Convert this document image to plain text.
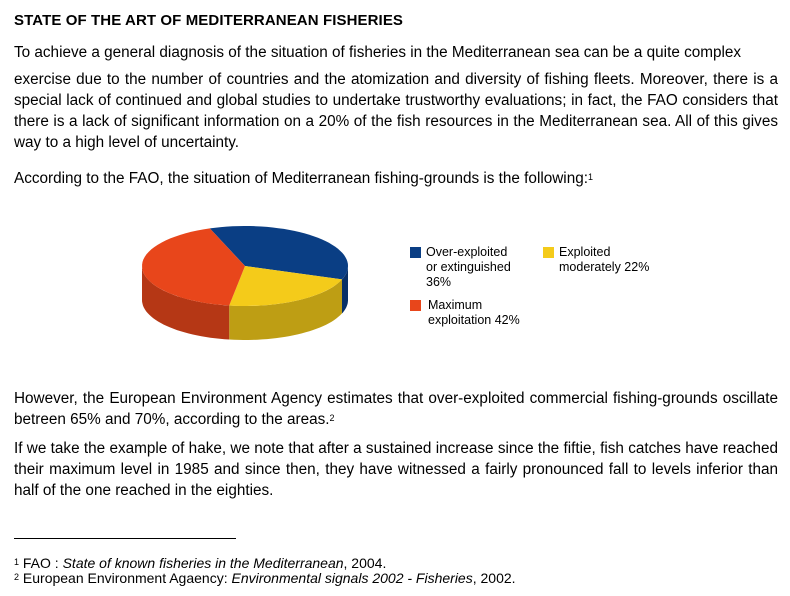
STATE OF THE ART OF MEDITERRANEAN FISHERIES
To achieve a general diagnosis of the situation of fisheries in the Mediterranean sea can be a quite complex
exercise due to the number of countries and the atomization and diversity of fishing fleets. Moreover, there is a special lack of continued and global studies to undertake trustworthy evaluations; in fact, the FAO considers that there is a lack of significant information on a 20% of the fish resources in the Mediterranean sea. All of this gives way to a high level of uncertainty.
According to the FAO, the situation of Mediterranean fishing-grounds is the following:$^1$
Over-exploited
or extinguished
36%
Exploited
moderately 22%
Maximum
exploitation 42%
However, the European Environment Agency estimates that over-exploited commercial fishing-grounds oscillate betreen 65% and 70%, according to the areas.$^2$
If we take the example of hake, we note that after a sustained increase since the fiftie, fish catches have reached their maximum level in 1985 and since then, they have witnessed a fairly pronounced fall to levels inferior than half of the one reached in the eighties.
$^1$ FAO : State of known fisheries in the Mediterranean, 2004.
$^2$ European Environment Agaency: Environmental signals 2002 - Fisheries, 2002.
